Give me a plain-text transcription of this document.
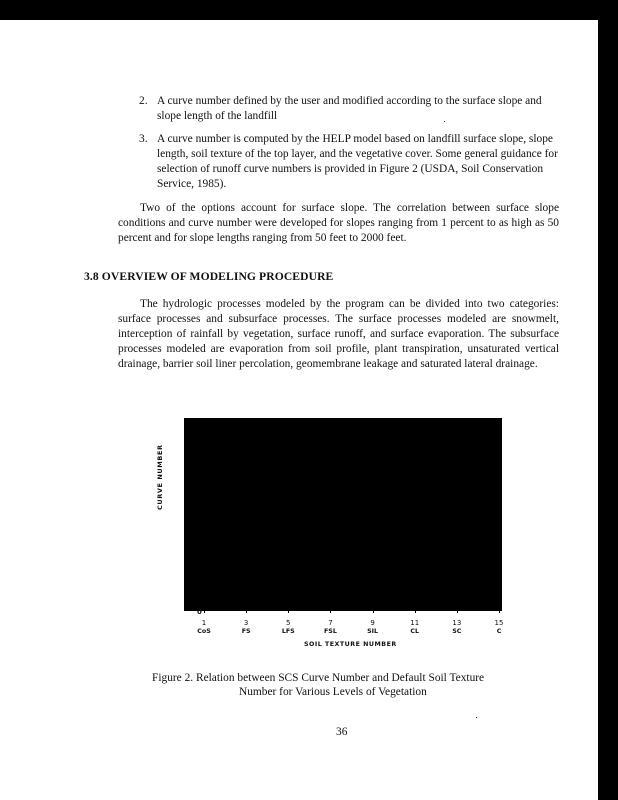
2. A curve number defined by the user and modified according to the surface slope and slope length of the landfill
3. A curve number is computed by the HELP model based on landfill surface slope, slope length, soil texture of the top layer, and the vegetative cover. Some general guidance for selection of runoff curve numbers is provided in Figure 2 (USDA, Soil Conservation Service, 1985).
Two of the options account for surface slope. The correlation between surface slope conditions and curve number were developed for slopes ranging from 1 percent to as high as 50 percent and for slope lengths ranging from 50 feet to 2000 feet.
3.8 OVERVIEW OF MODELING PROCEDURE
The hydrologic processes modeled by the program can be divided into two categories: surface processes and subsurface processes. The surface processes modeled are snowmelt, interception of rainfall by vegetation, surface runoff, and surface evaporation. The subsurface processes modeled are evaporation from soil profile, plant transpiration, unsaturated vertical drainage, barrier soil liner percolation, geomembrane leakage and saturated lateral drainage.
CURVE NUMBER
0
1
CoS
3
FS
5
LFS
7
FSL
9
SIL
11
CL
13
SC
15
C
SOIL TEXTURE NUMBER
Figure 2. Relation between SCS Curve Number and Default Soil Texture
Number for Various Levels of Vegetation
36
